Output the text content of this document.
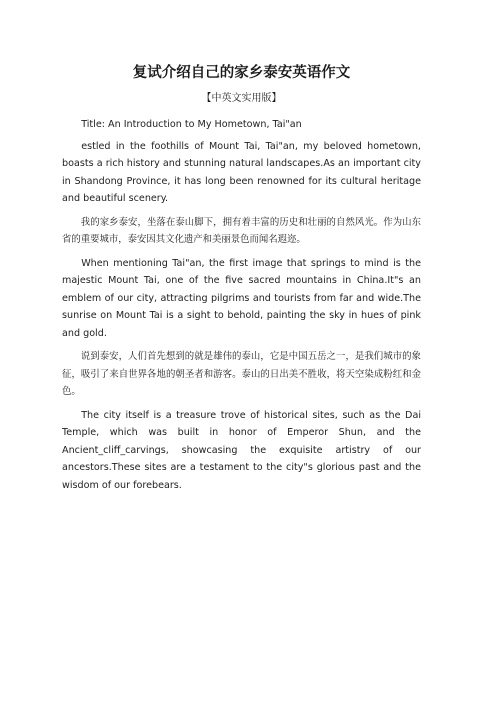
复试介绍自己的家乡泰安英语作文
【中英文实用版】

Title: An Introduction to My Hometown, Tai"an

estled in the foothills of Mount Tai, Tai"an, my beloved hometown, boasts a rich history and stunning natural landscapes.As an important city in Shandong Province, it has long been renowned for its cultural heritage and beautiful scenery.

我的家乡泰安，坐落在泰山脚下，拥有着丰富的历史和壮丽的自然风光。作为山东省的重要城市，泰安因其文化遗产和美丽景色而闻名遐迩。

When mentioning Tai"an, the first image that springs to mind is the majestic Mount Tai, one of the five sacred mountains in China.It"s an emblem of our city, attracting pilgrims and tourists from far and wide.The sunrise on Mount Tai is a sight to behold, painting the sky in hues of pink and gold.

说到泰安，人们首先想到的就是雄伟的泰山，它是中国五岳之一，是我们城市的象征，吸引了来自世界各地的朝圣者和游客。泰山的日出美不胜收，将天空染成粉红和金色。

The city itself is a treasure trove of historical sites, such as the Dai Temple, which was built in honor of Emperor Shun, and the Ancient_cliff_carvings, showcasing the exquisite artistry of our ancestors.These sites are a testament to the city"s glorious past and the wisdom of our forebears.
